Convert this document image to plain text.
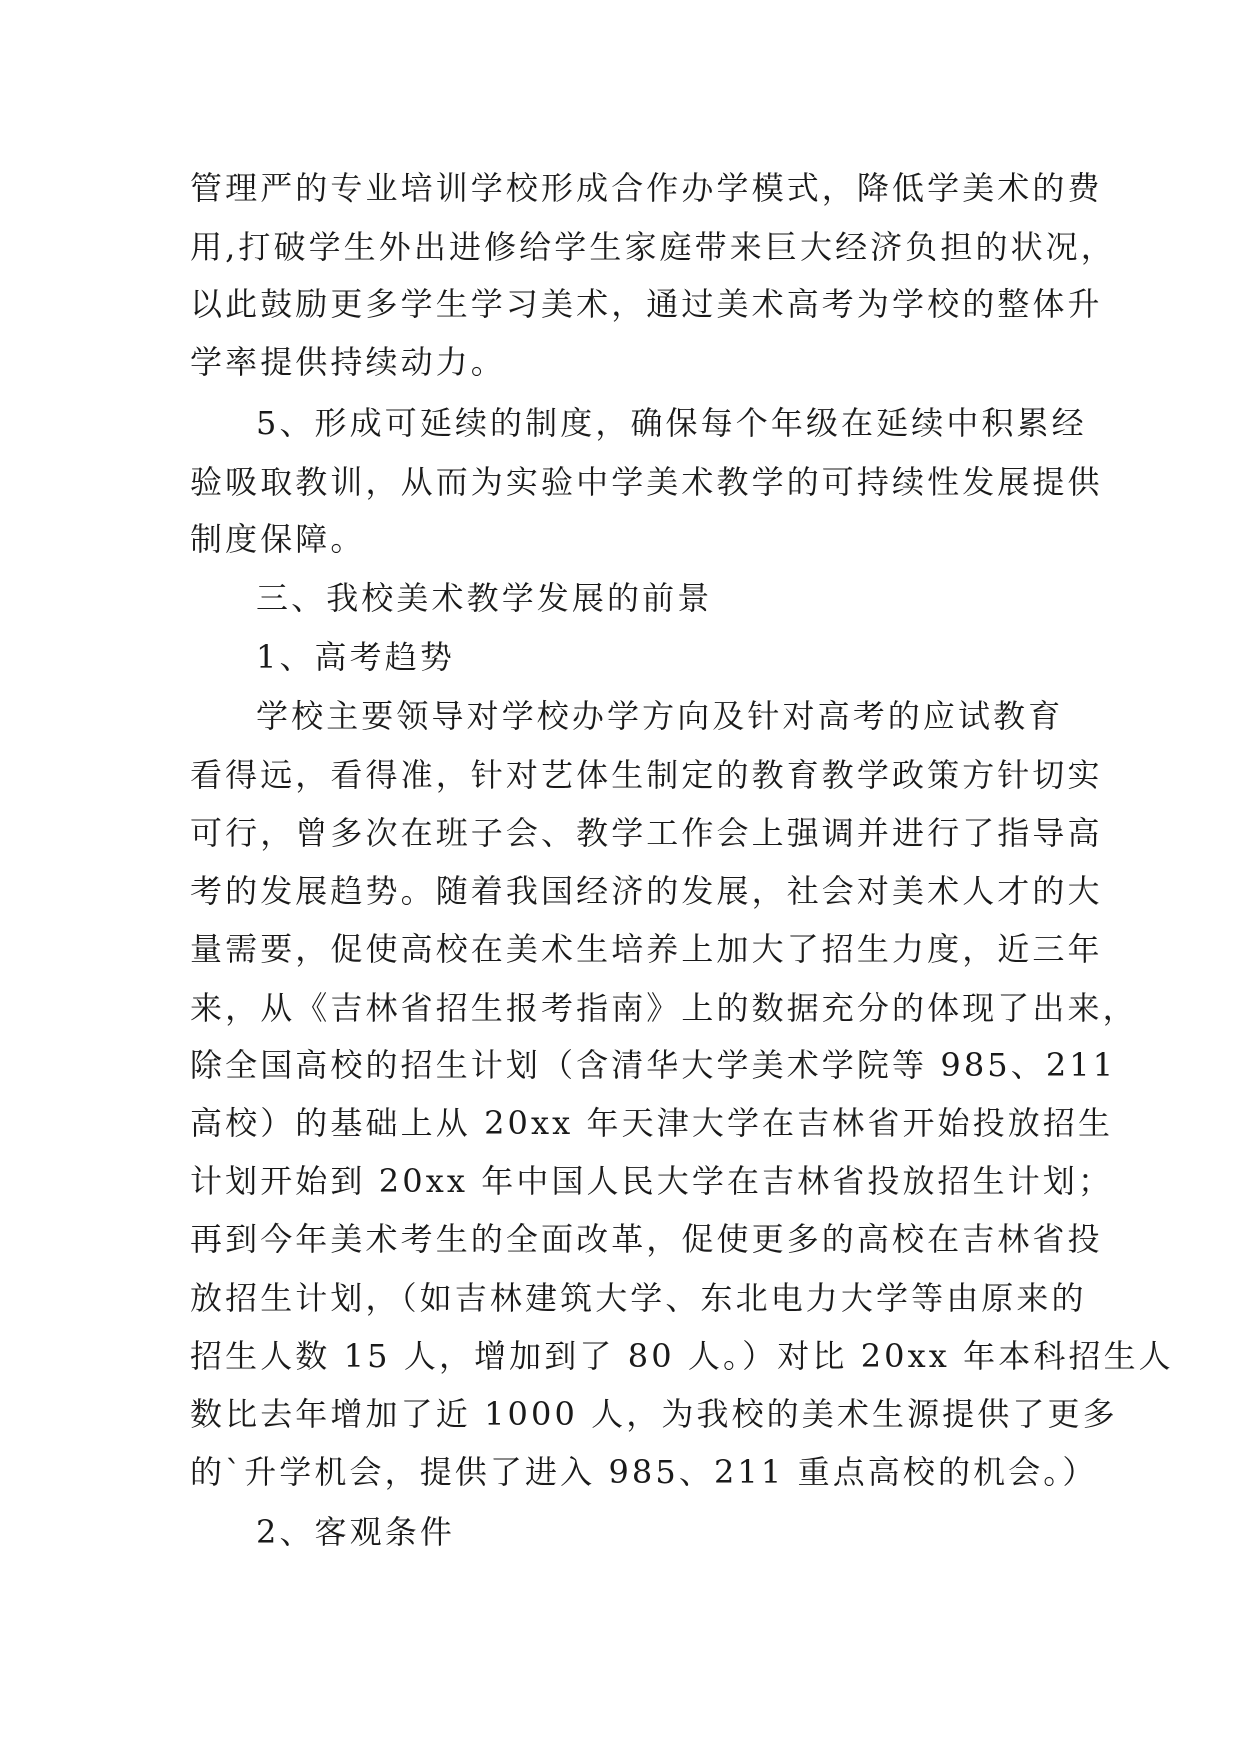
管理严的专业培训学校形成合作办学模式，降低学美术的费
用,打破学生外出进修给学生家庭带来巨大经济负担的状况，
以此鼓励更多学生学习美术，通过美术高考为学校的整体升
学率提供持续动力。
5、形成可延续的制度，确保每个年级在延续中积累经
验吸取教训，从而为实验中学美术教学的可持续性发展提供
制度保障。
三、我校美术教学发展的前景
1、高考趋势
学校主要领导对学校办学方向及针对高考的应试教育
看得远，看得准，针对艺体生制定的教育教学政策方针切实
可行，曾多次在班子会、教学工作会上强调并进行了指导高
考的发展趋势。随着我国经济的发展，社会对美术人才的大
量需要，促使高校在美术生培养上加大了招生力度，近三年
来，从《吉林省招生报考指南》上的数据充分的体现了出来，
除全国高校的招生计划（含清华大学美术学院等 985、211
高校）的基础上从 20xx 年天津大学在吉林省开始投放招生
计划开始到 20xx 年中国人民大学在吉林省投放招生计划；
再到今年美术考生的全面改革，促使更多的高校在吉林省投
放招生计划，（如吉林建筑大学、东北电力大学等由原来的
招生人数 15 人，增加到了 80 人。）对比 20xx 年本科招生人
数比去年增加了近 1000 人，为我校的美术生源提供了更多
的`升学机会，提供了进入 985、211 重点高校的机会。）
2、客观条件
